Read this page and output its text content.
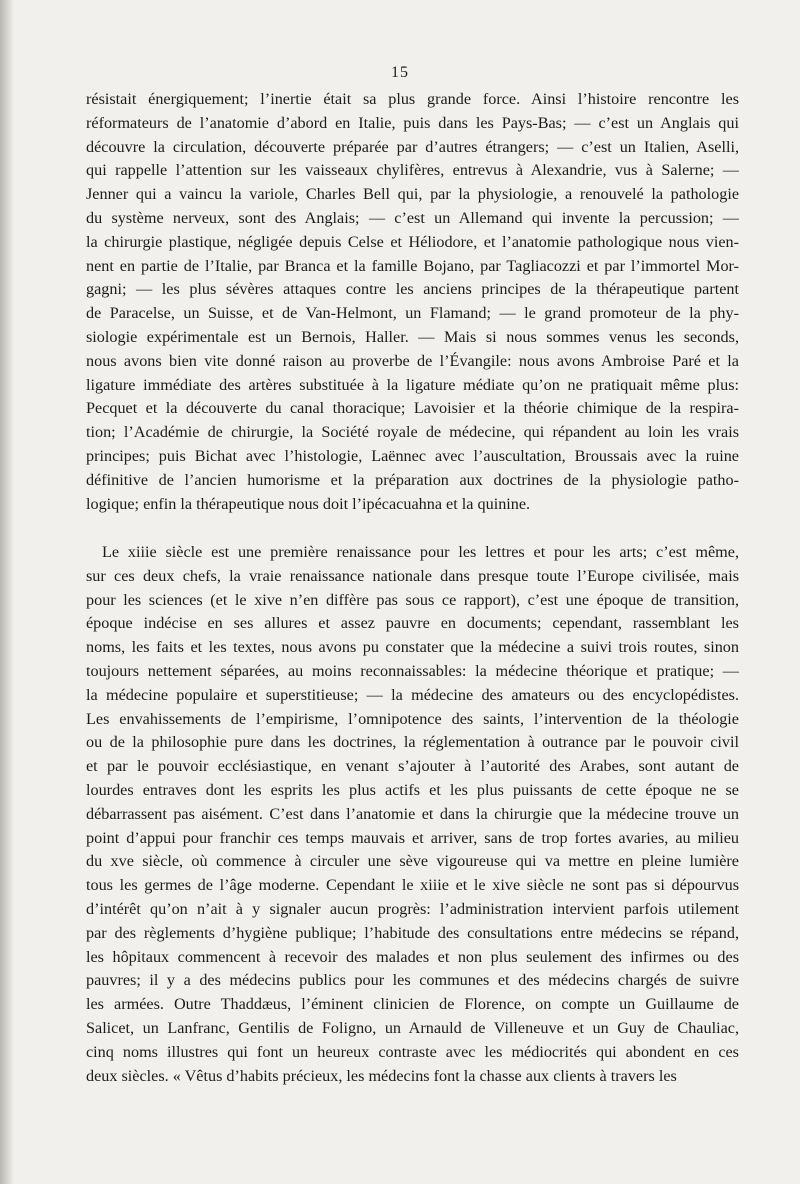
15
résistait énergiquement; l’inertie était sa plus grande force. Ainsi l’histoire rencontre les
réformateurs de l’anatomie d’abord en Italie, puis dans les Pays-Bas; — c’est un Anglais qui
découvre la circulation, découverte préparée par d’autres étrangers; — c’est un Italien, Aselli,
qui rappelle l’attention sur les vaisseaux chylifères, entrevus à Alexandrie, vus à Salerne; —
Jenner qui a vaincu la variole, Charles Bell qui, par la physiologie, a renouvelé la pathologie
du système nerveux, sont des Anglais; — c’est un Allemand qui invente la percussion; —
la chirurgie plastique, négligée depuis Celse et Héliodore, et l’anatomie pathologique nous vien-
nent en partie de l’Italie, par Branca et la famille Bojano, par Tagliacozzi et par l’immortel Mor-
gagni; — les plus sévères attaques contre les anciens principes de la thérapeutique partent
de Paracelse, un Suisse, et de Van-Helmont, un Flamand; — le grand promoteur de la phy-
siologie expérimentale est un Bernois, Haller. — Mais si nous sommes venus les seconds,
nous avons bien vite donné raison au proverbe de l’Évangile: nous avons Ambroise Paré et la
ligature immédiate des artères substituée à la ligature médiate qu’on ne pratiquait même plus:
Pecquet et la découverte du canal thoracique; Lavoisier et la théorie chimique de la respira-
tion; l’Académie de chirurgie, la Société royale de médecine, qui répandent au loin les vrais
principes; puis Bichat avec l’histologie, Laënnec avec l’auscultation, Broussais avec la ruine
définitive de l’ancien humorisme et la préparation aux doctrines de la physiologie patho-
logique; enfin la thérapeutique nous doit l’ipécacuahna et la quinine.
Le xiiie siècle est une première renaissance pour les lettres et pour les arts; c’est même,
sur ces deux chefs, la vraie renaissance nationale dans presque toute l’Europe civilisée, mais
pour les sciences (et le xive n’en diffère pas sous ce rapport), c’est une époque de transition,
époque indécise en ses allures et assez pauvre en documents; cependant, rassemblant les
noms, les faits et les textes, nous avons pu constater que la médecine a suivi trois routes, sinon
toujours nettement séparées, au moins reconnaissables: la médecine théorique et pratique; —
la médecine populaire et superstitieuse; — la médecine des amateurs ou des encyclopédistes.
Les envahissements de l’empirisme, l’omnipotence des saints, l’intervention de la théologie
ou de la philosophie pure dans les doctrines, la réglementation à outrance par le pouvoir civil
et par le pouvoir ecclésiastique, en venant s’ajouter à l’autorité des Arabes, sont autant de
lourdes entraves dont les esprits les plus actifs et les plus puissants de cette époque ne se
débarrassent pas aisément. C’est dans l’anatomie et dans la chirurgie que la médecine trouve un
point d’appui pour franchir ces temps mauvais et arriver, sans de trop fortes avaries, au milieu
du xve siècle, où commence à circuler une sève vigoureuse qui va mettre en pleine lumière
tous les germes de l’âge moderne. Cependant le xiiie et le xive siècle ne sont pas si dépourvus
d’intérêt qu’on n’ait à y signaler aucun progrès: l’administration intervient parfois utilement
par des règlements d’hygiène publique; l’habitude des consultations entre médecins se répand,
les hôpitaux commencent à recevoir des malades et non plus seulement des infirmes ou des
pauvres; il y a des médecins publics pour les communes et des médecins chargés de suivre
les armées. Outre Thaddæus, l’éminent clinicien de Florence, on compte un Guillaume de
Salicet, un Lanfranc, Gentilis de Foligno, un Arnauld de Villeneuve et un Guy de Chauliac,
cinq noms illustres qui font un heureux contraste avec les médiocrités qui abondent en ces
deux siècles. « Vêtus d’habits précieux, les médecins font la chasse aux clients à travers les
